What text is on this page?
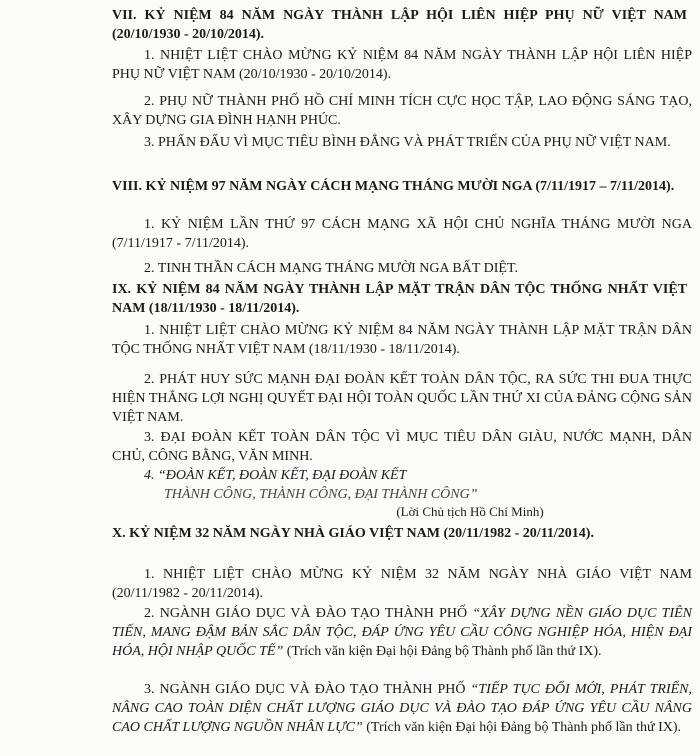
VII. KỶ NIỆM 84 NĂM NGÀY THÀNH LẬP HỘI LIÊN HIỆP PHỤ NỮ VIỆT NAM (20/10/1930 - 20/10/2014).
1. NHIỆT LIỆT CHÀO MỪNG KỶ NIỆM 84 NĂM NGÀY THÀNH LẬP HỘI LIÊN HIỆP PHỤ NỮ VIỆT NAM (20/10/1930 - 20/10/2014).
2. PHỤ NỮ THÀNH PHỐ HỒ CHÍ MINH TÍCH CỰC HỌC TẬP, LAO ĐỘNG SÁNG TẠO, XÂY DỰNG GIA ĐÌNH HẠNH PHÚC.
3. PHẤN ĐẤU VÌ MỤC TIÊU BÌNH ĐẲNG VÀ PHÁT TRIỂN CỦA PHỤ NỮ VIỆT NAM.
VIII. KỶ NIỆM 97 NĂM NGÀY CÁCH MẠNG THÁNG MƯỜI NGA (7/11/1917 – 7/11/2014).
1. KỶ NIỆM LẦN THỨ 97 CÁCH MẠNG XÃ HỘI CHỦ NGHĨA THÁNG MƯỜI NGA (7/11/1917 - 7/11/2014).
2. TINH THẦN CÁCH MẠNG THÁNG MƯỜI NGA BẤT DIỆT.
IX. KỶ NIỆM 84 NĂM NGÀY THÀNH LẬP MẶT TRẬN DÂN TỘC THỐNG NHẤT VIỆT NAM (18/11/1930 - 18/11/2014).
1. NHIỆT LIỆT CHÀO MỪNG KỶ NIỆM 84 NĂM NGÀY THÀNH LẬP MẶT TRẬN DÂN TỘC THỐNG NHẤT VIỆT NAM (18/11/1930 - 18/11/2014).
2. PHÁT HUY SỨC MẠNH ĐẠI ĐOÀN KẾT TOÀN DÂN TỘC, RA SỨC THI ĐUA THỰC HIỆN THẮNG LỢI NGHỊ QUYẾT ĐẠI HỘI TOÀN QUỐC LẦN THỨ XI CỦA ĐẢNG CỘNG SẢN VIỆT NAM.
3. ĐẠI ĐOÀN KẾT TOÀN DÂN TỘC VÌ MỤC TIÊU DÂN GIÀU, NƯỚC MẠNH, DÂN CHỦ, CÔNG BẰNG, VĂN MINH.
4. “ĐOÀN KẾT, ĐOÀN KẾT, ĐẠI ĐOÀN KẾT
THÀNH CÔNG, THÀNH CÔNG, ĐẠI THÀNH CÔNG”
(Lời Chủ tịch Hồ Chí Minh)
X. KỶ NIỆM 32 NĂM NGÀY NHÀ GIÁO VIỆT NAM (20/11/1982 - 20/11/2014).
1. NHIỆT LIỆT CHÀO MỪNG KỶ NIỆM 32 NĂM NGÀY NHÀ GIÁO VIỆT NAM (20/11/1982 - 20/11/2014).
2. NGÀNH GIÁO DỤC VÀ ĐÀO TẠO THÀNH PHỐ “XÂY DỰNG NỀN GIÁO DỤC TIÊN TIẾN, MANG ĐẬM BẢN SẮC DÂN TỘC, ĐÁP ỨNG YÊU CẦU CÔNG NGHIỆP HÓA, HIỆN ĐẠI HÓA, HỘI NHẬP QUỐC TẾ” (Trích văn kiện Đại hội Đảng bộ Thành phố lần thứ IX).
3. NGÀNH GIÁO DỤC VÀ ĐÀO TẠO THÀNH PHỐ “TIẾP TỤC ĐỔI MỚI, PHÁT TRIỂN, NÂNG CAO TOÀN DIỆN CHẤT LƯỢNG GIÁO DỤC VÀ ĐÀO TẠO ĐÁP ỨNG YÊU CẦU NÂNG CAO CHẤT LƯỢNG NGUỒN NHÂN LỰC” (Trích văn kiện Đại hội Đảng bộ Thành phố lần thứ IX).
